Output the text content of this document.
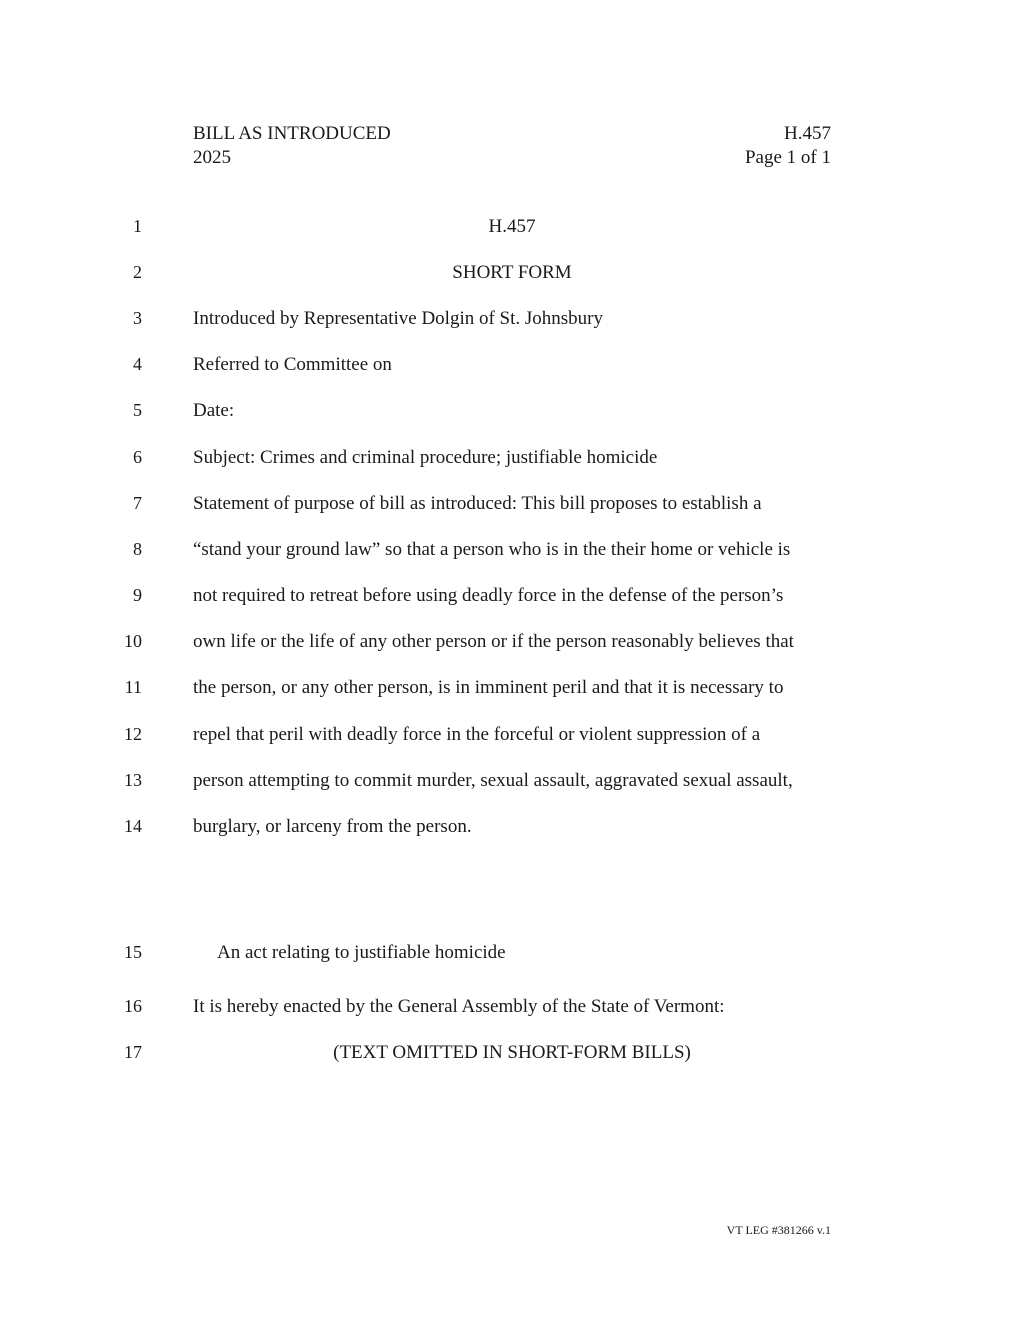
BILL AS INTRODUCED	H.457
2025	Page 1 of 1
1	H.457
2	SHORT FORM
3	Introduced by Representative Dolgin of St. Johnsbury
4	Referred to Committee on
5	Date:
6	Subject: Crimes and criminal procedure; justifiable homicide
7	Statement of purpose of bill as introduced: This bill proposes to establish a
8	“stand your ground law” so that a person who is in the their home or vehicle is
9	not required to retreat before using deadly force in the defense of the person’s
10	own life or the life of any other person or if the person reasonably believes that
11	the person, or any other person, is in imminent peril and that it is necessary to
12	repel that peril with deadly force in the forceful or violent suppression of a
13	person attempting to commit murder, sexual assault, aggravated sexual assault,
14	burglary, or larceny from the person.
15	An act relating to justifiable homicide
16	It is hereby enacted by the General Assembly of the State of Vermont:
17	(TEXT OMITTED IN SHORT-FORM BILLS)
VT LEG #381266 v.1
